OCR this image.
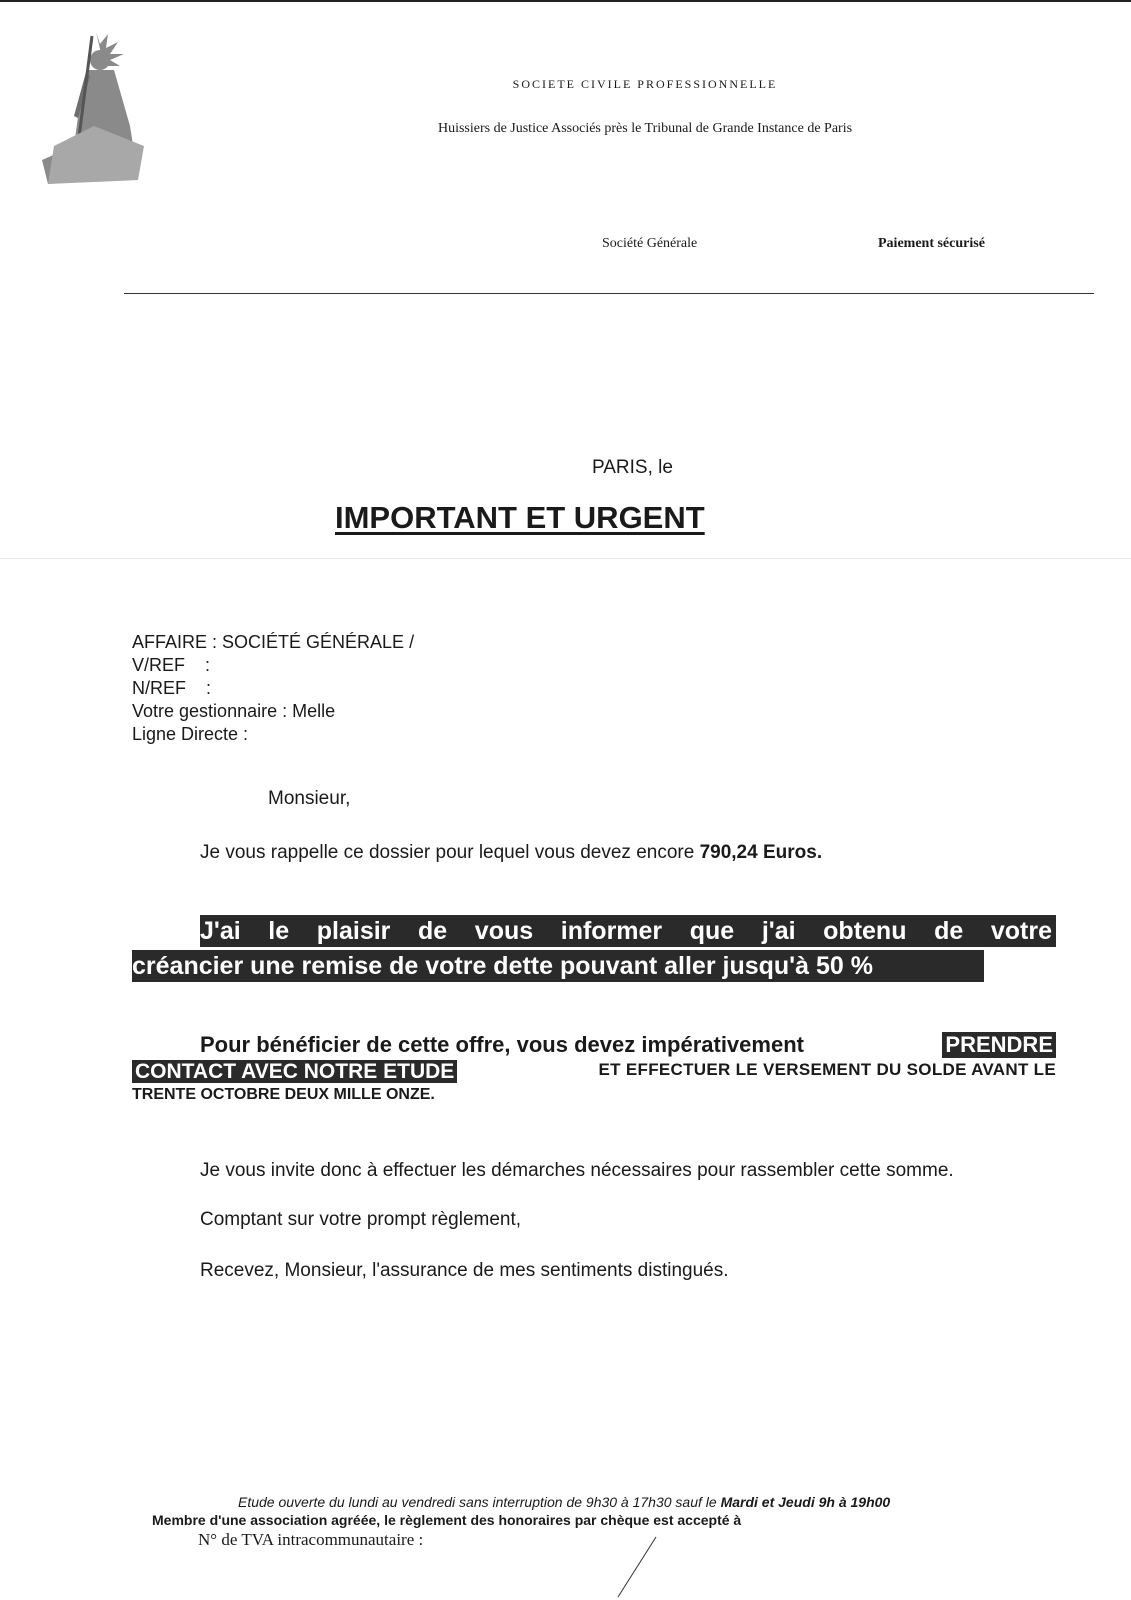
SOCIETE CIVILE PROFESSIONNELLE
Huissiers de Justice Associés près le Tribunal de Grande Instance de Paris
Société Générale	Paiement sécurisé
PARIS, le
IMPORTANT ET URGENT
AFFAIRE : SOCIÉTÉ GÉNÉRALE /
V/REF    :
N/REF    :
Votre gestionnaire : Melle
Ligne Directe :
Monsieur,
Je vous rappelle ce dossier pour lequel vous devez encore 790,24 Euros.
J'ai le plaisir de vous informer que j'ai obtenu de votre
créancier une remise de votre dette pouvant aller jusqu'à 50 %
Pour bénéficier de cette offre, vous devez impérativement	PRENDRE
CONTACT AVEC NOTRE ETUDE	ET EFFECTUER LE VERSEMENT DU SOLDE AVANT LE
TRENTE OCTOBRE DEUX MILLE ONZE.
Je vous invite donc à effectuer les démarches nécessaires pour rassembler cette somme.
Comptant sur votre prompt règlement,
Recevez, Monsieur, l'assurance de mes sentiments distingués.
Etude ouverte du lundi au vendredi sans interruption de 9h30 à 17h30 sauf le Mardi et Jeudi 9h à 19h00
Membre d'une association agréée, le règlement des honoraires par chèque est accepté à
N° de TVA intracommunautaire :
